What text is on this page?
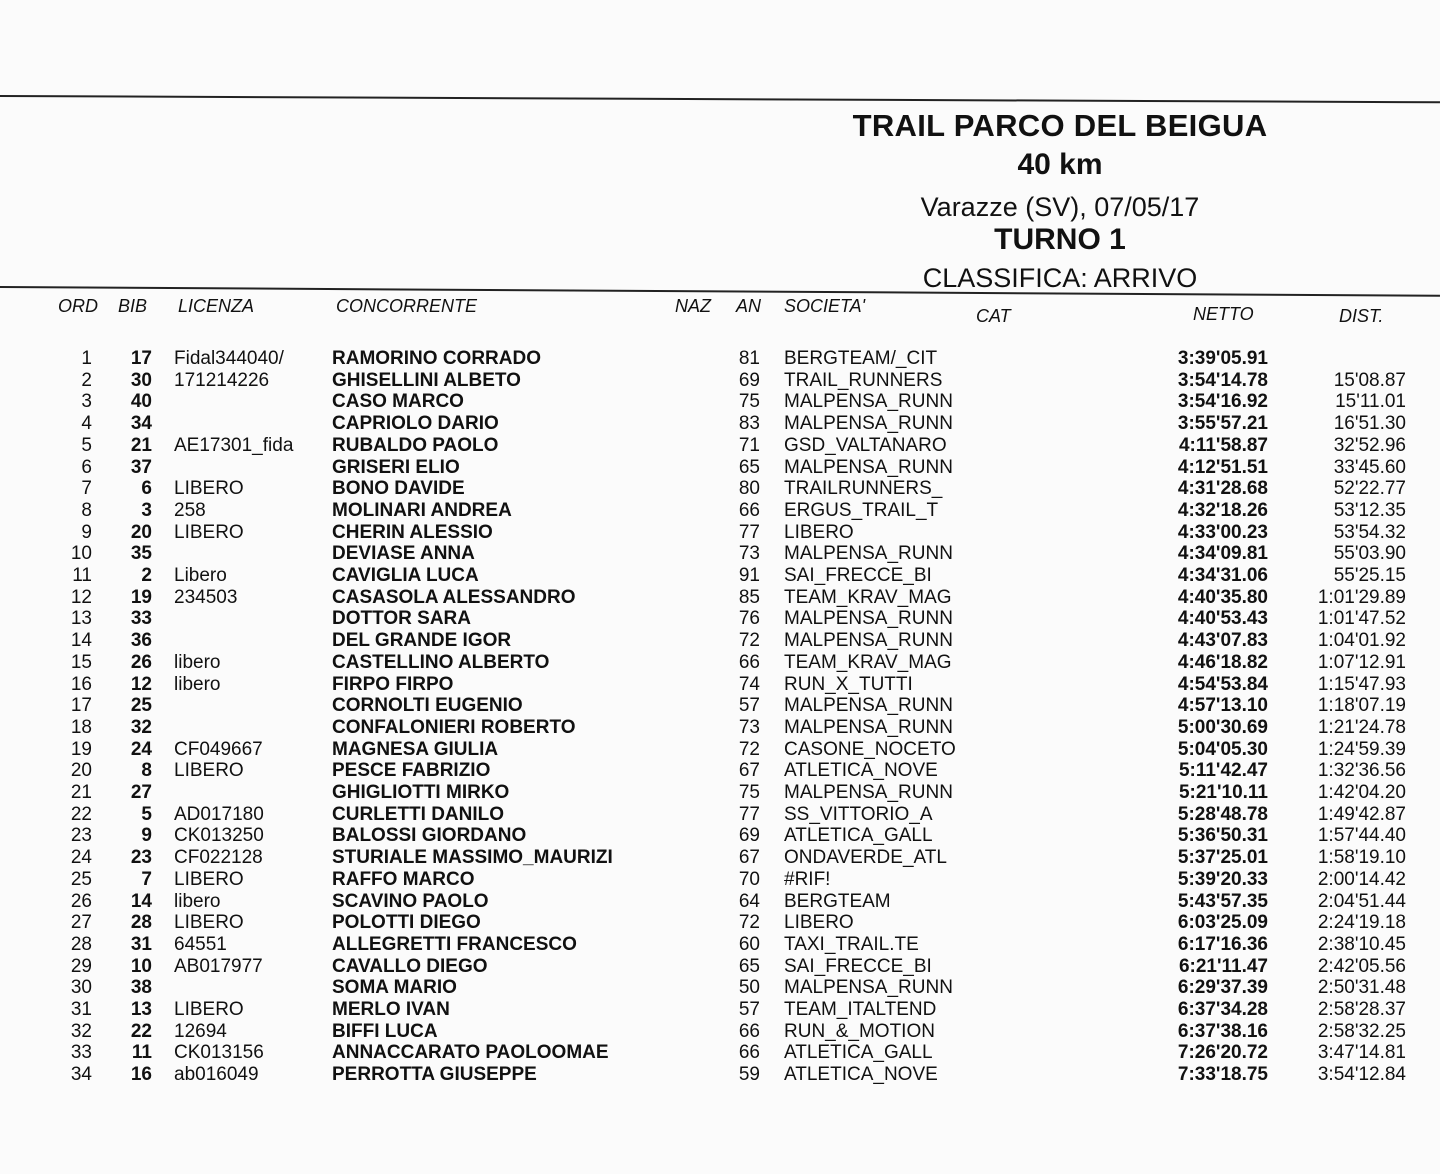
TRAIL PARCO DEL BEIGUA
40 km
Varazze (SV), 07/05/17
TURNO 1
CLASSIFICA: ARRIVO
ORD BIB LICENZA	CONCORRENTE	NAZ AN SOCIETA'	CAT	NETTO	DIST.
1	17 Fidal344040/	RAMORINO CORRADO	81 BERGTEAM/_CIT	3:39'05.91
2	30 171214226	GHISELLINI ALBETO	69 TRAIL_RUNNERS	3:54'14.78	15'08.87
3	40	CASO MARCO	75 MALPENSA_RUNN	3:54'16.92	15'11.01
4	34	CAPRIOLO DARIO	83 MALPENSA_RUNN	3:55'57.21	16'51.30
5	21 AE17301_fida RUBALDO PAOLO	71 GSD_VALTANARO	4:11'58.87	32'52.96
6	37	GRISERI ELIO	65 MALPENSA_RUNN	4:12'51.51	33'45.60
7	6 LIBERO	BONO DAVIDE	80 TRAILRUNNERS_	4:31'28.68	52'22.77
8	3 258	MOLINARI ANDREA	66 ERGUS_TRAIL_T	4:32'18.26	53'12.35
9	20 LIBERO	CHERIN ALESSIO	77 LIBERO	4:33'00.23	53'54.32
10	35	DEVIASE ANNA	73 MALPENSA_RUNN	4:34'09.81	55'03.90
11	2 Libero	CAVIGLIA LUCA	91 SAI_FRECCE_BI	4:34'31.06	55'25.15
12	19 234503	CASASOLA ALESSANDRO	85 TEAM_KRAV_MAG	4:40'35.80	1:01'29.89
13	33	DOTTOR SARA	76 MALPENSA_RUNN	4:40'53.43	1:01'47.52
14	36	DEL GRANDE IGOR	72 MALPENSA_RUNN	4:43'07.83	1:04'01.92
15	26 libero	CASTELLINO ALBERTO	66 TEAM_KRAV_MAG	4:46'18.82	1:07'12.91
16	12 libero	FIRPO FIRPO	74 RUN_X_TUTTI	4:54'53.84	1:15'47.93
17	25	CORNOLTI EUGENIO	57 MALPENSA_RUNN	4:57'13.10	1:18'07.19
18	32	CONFALONIERI ROBERTO	73 MALPENSA_RUNN	5:00'30.69	1:21'24.78
19	24 CF049667	MAGNESA GIULIA	72 CASONE_NOCETO	5:04'05.30	1:24'59.39
20	8 LIBERO	PESCE FABRIZIO	67 ATLETICA_NOVE	5:11'42.47	1:32'36.56
21	27	GHIGLIOTTI MIRKO	75 MALPENSA_RUNN	5:21'10.11	1:42'04.20
22	5 AD017180	CURLETTI DANILO	77 SS_VITTORIO_A	5:28'48.78	1:49'42.87
23	9 CK013250	BALOSSI GIORDANO	69 ATLETICA_GALL	5:36'50.31	1:57'44.40
24	23 CF022128	STURIALE MASSIMO_MAURIZI	67 ONDAVERDE_ATL	5:37'25.01	1:58'19.10
25	7 LIBERO	RAFFO MARCO	70 #RIF!	5:39'20.33	2:00'14.42
26	14 libero	SCAVINO PAOLO	64 BERGTEAM	5:43'57.35	2:04'51.44
27	28 LIBERO	POLOTTI DIEGO	72 LIBERO	6:03'25.09	2:24'19.18
28	31 64551	ALLEGRETTI FRANCESCO	60 TAXI_TRAIL.TE	6:17'16.36	2:38'10.45
29	10 AB017977	CAVALLO DIEGO	65 SAI_FRECCE_BI	6:21'11.47	2:42'05.56
30	38	SOMA MARIO	50 MALPENSA_RUNN	6:29'37.39	2:50'31.48
31	13 LIBERO	MERLO IVAN	57 TEAM_ITALTEND	6:37'34.28	2:58'28.37
32	22 12694	BIFFI LUCA	66 RUN_&_MOTION	6:37'38.16	2:58'32.25
33	11 CK013156	ANNACCARATO PAOLOOMAE	66 ATLETICA_GALL	7:26'20.72	3:47'14.81
34	16 ab016049	PERROTTA GIUSEPPE	59 ATLETICA_NOVE	7:33'18.75	3:54'12.84
